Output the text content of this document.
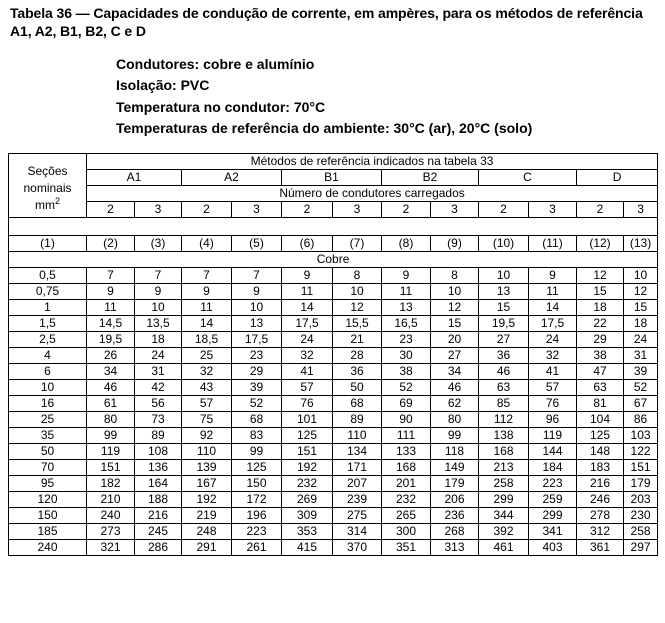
Tabela 36 — Capacidades de condução de corrente, em ampères, para os métodos de referência
A1, A2, B1, B2, C e D
Condutores: cobre e alumínio
Isolação: PVC
Temperatura no condutor: 70°C
Temperaturas de referência do ambiente: 30°C (ar), 20°C (solo)
Seções
nominais
$mm^2$	Métodos de referência indicados na tabela 33											
	A1		A2		B1		B2		C		D	
	Número de condutores carregados											
	2	3	2	3	2	3	2	3	2	3	2	3

(1)	(2)	(3)	(4)	(5)	(6)	(7)	(8)	(9)	(10)	(11)	(12)	(13)
Cobre												
0,5	7	7	7	7	9	8	9	8	10	9	12	10
0,75	9	9	9	9	11	10	11	10	13	11	15	12
1	11	10	11	10	14	12	13	12	15	14	18	15
1,5	14,5	13,5	14	13	17,5	15,5	16,5	15	19,5	17,5	22	18
2,5	19,5	18	18,5	17,5	24	21	23	20	27	24	29	24
4	26	24	25	23	32	28	30	27	36	32	38	31
6	34	31	32	29	41	36	38	34	46	41	47	39
10	46	42	43	39	57	50	52	46	63	57	63	52
16	61	56	57	52	76	68	69	62	85	76	81	67
25	80	73	75	68	101	89	90	80	112	96	104	86
35	99	89	92	83	125	110	111	99	138	119	125	103
50	119	108	110	99	151	134	133	118	168	144	148	122
70	151	136	139	125	192	171	168	149	213	184	183	151
95	182	164	167	150	232	207	201	179	258	223	216	179
120	210	188	192	172	269	239	232	206	299	259	246	203
150	240	216	219	196	309	275	265	236	344	299	278	230
185	273	245	248	223	353	314	300	268	392	341	312	258
240	321	286	291	261	415	370	351	313	461	403	361	297
